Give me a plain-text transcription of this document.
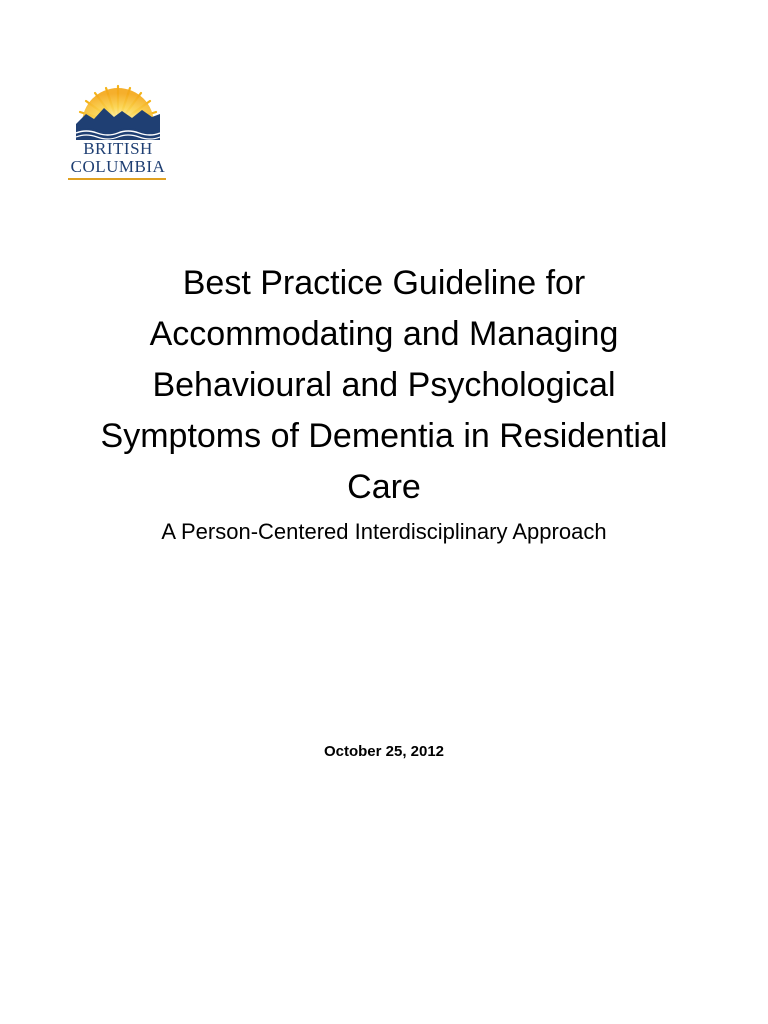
BRITISH
COLUMBIA
Best Practice Guideline for
Accommodating and Managing
Behavioural and Psychological
Symptoms of Dementia in Residential
Care
A Person-Centered Interdisciplinary Approach
October 25, 2012
